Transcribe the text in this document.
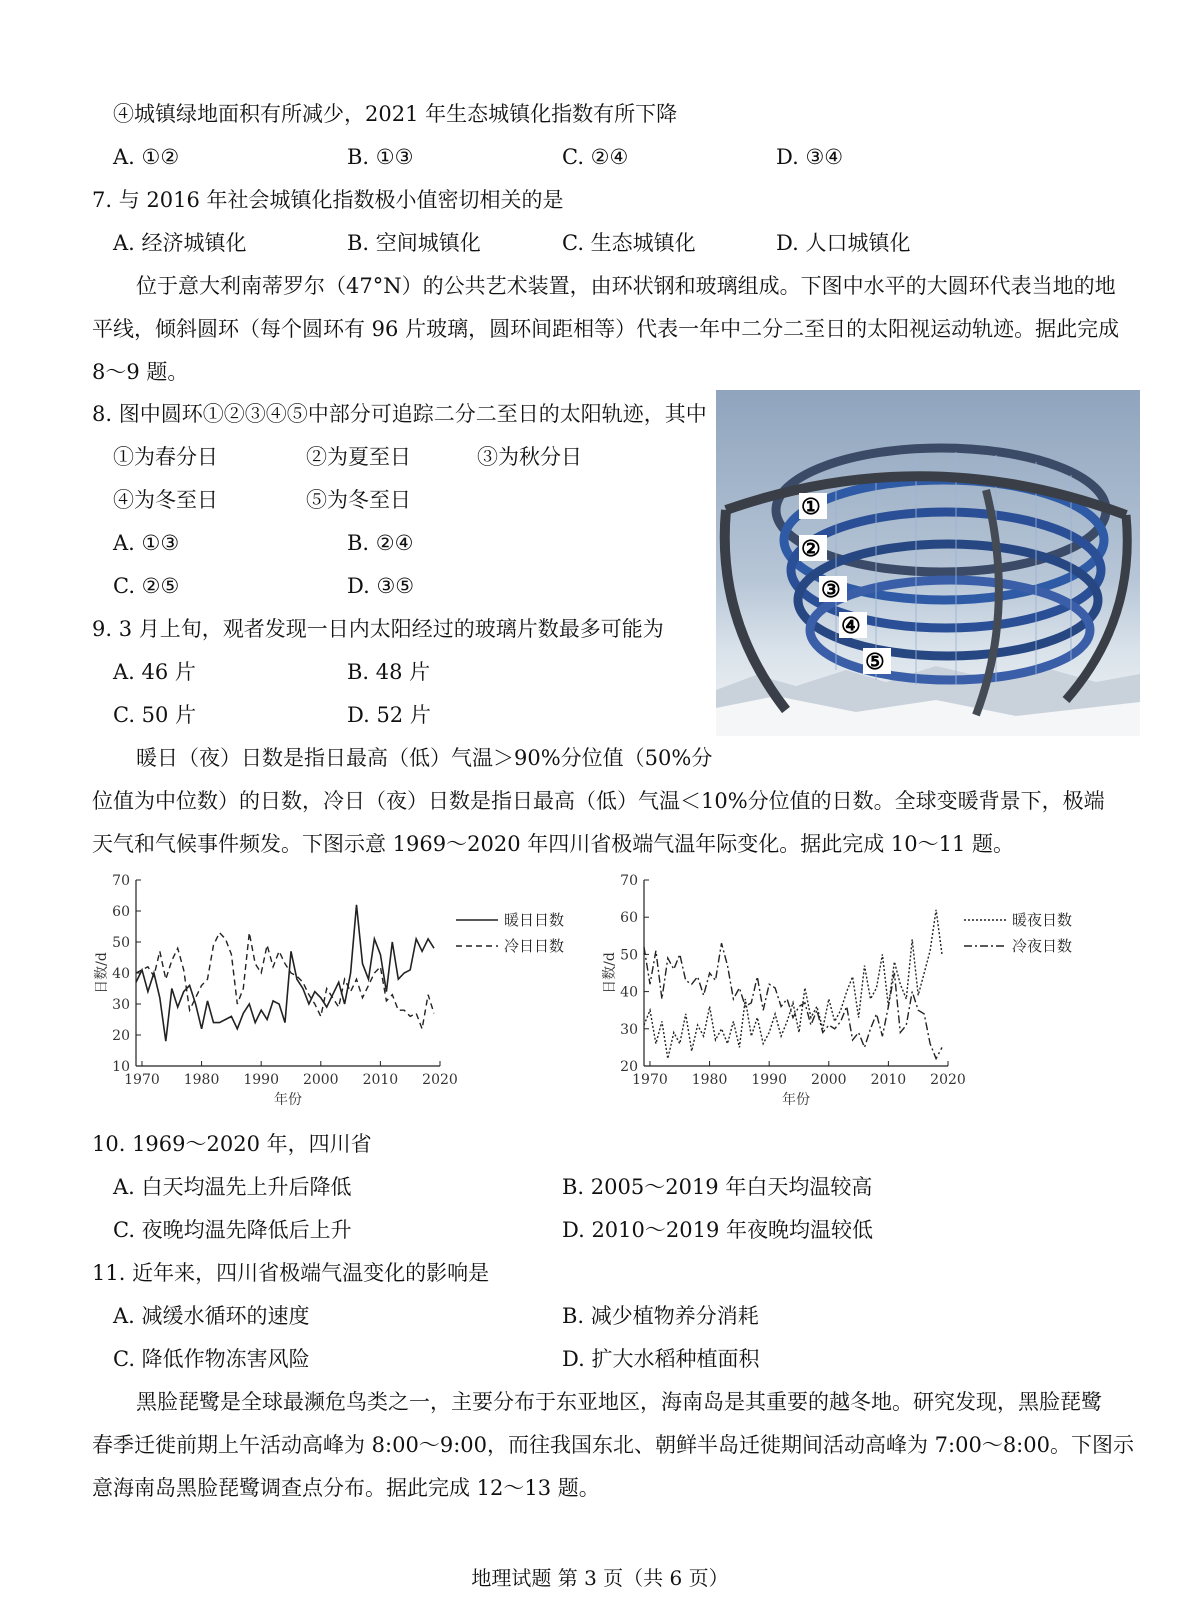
④城镇绿地面积有所减少，2021 年生态城镇化指数有所下降
A. ①②	B. ①③	C. ②④	D. ③④
7. 与 2016 年社会城镇化指数极小值密切相关的是
A. 经济城镇化	B. 空间城镇化	C. 生态城镇化	D. 人口城镇化
位于意大利南蒂罗尔（47°N）的公共艺术装置，由环状钢和玻璃组成。下图中水平的大圆环代表当地的地
平线，倾斜圆环（每个圆环有 96 片玻璃，圆环间距相等）代表一年中二分二至日的太阳视运动轨迹。据此完成
8～9 题。
8. 图中圆环①②③④⑤中部分可追踪二分二至日的太阳轨迹，其中
①为春分日	②为夏至日	③为秋分日
④为冬至日	⑤为冬至日
A. ①③	B. ②④
C. ②⑤	D. ③⑤
9. 3 月上旬，观者发现一日内太阳经过的玻璃片数最多可能为
A. 46 片	B. 48 片
C. 50 片	D. 52 片
①
②
③
④
⑤
暖日（夜）日数是指日最高（低）气温＞90%分位值（50%分
位值为中位数）的日数，冷日（夜）日数是指日最高（低）气温＜10%分位值的日数。全球变暖背景下，极端
天气和气候事件频发。下图示意 1969～2020 年四川省极端气温年际变化。据此完成 10～11 题。
10
20
30
40
50
60
70
1970 1980 1990 2000 2010 2020
年份
日数/d
暖日日数
冷日日数
20
30
40
50
60
70
1970 1980 1990 2000 2010 2020
年份
日数/d
暖夜日数
冷夜日数
10. 1969～2020 年，四川省
A. 白天均温先上升后降低	B. 2005～2019 年白天均温较高
C. 夜晚均温先降低后上升	D. 2010～2019 年夜晚均温较低
11. 近年来，四川省极端气温变化的影响是
A. 减缓水循环的速度	B. 减少植物养分消耗
C. 降低作物冻害风险	D. 扩大水稻种植面积
黑脸琵鹭是全球最濒危鸟类之一，主要分布于东亚地区，海南岛是其重要的越冬地。研究发现，黑脸琵鹭
春季迁徙前期上午活动高峰为 8:00～9:00，而往我国东北、朝鲜半岛迁徙期间活动高峰为 7:00～8:00。下图示
意海南岛黑脸琵鹭调查点分布。据此完成 12～13 题。
地理试题 第 3 页（共 6 页）
